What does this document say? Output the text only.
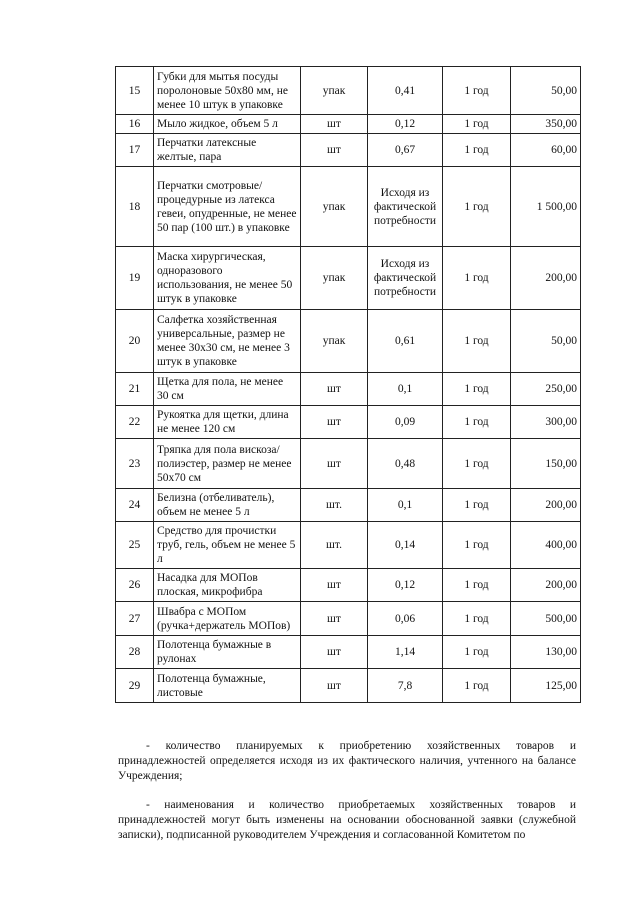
15	Губки для мытья посуды поролоновые 50х80 мм, не менее 10 штук в упаковке	упак	0,41	1 год	50,00
16	Мыло жидкое, объем 5 л	шт	0,12	1 год	350,00
17	Перчатки латексные желтые, пара	шт	0,67	1 год	60,00
18	Перчатки смотровые/процедурные из латекса гевеи, опудренные, не менее 50 пар (100 шт.) в упаковке	упак	Исходя из фактической потребности	1 год	1 500,00
19	Маска хирургическая, одноразового использования, не менее 50 штук в упаковке	упак	Исходя из фактической потребности	1 год	200,00
20	Салфетка хозяйственная универсальные, размер не менее 30х30 см, не менее 3 штук в упаковке	упак	0,61	1 год	50,00
21	Щетка для пола, не менее 30 см	шт	0,1	1 год	250,00
22	Рукоятка для щетки, длина не менее 120 см	шт	0,09	1 год	300,00
23	Тряпка для пола вискоза/полиэстер, размер не менее 50х70 см	шт	0,48	1 год	150,00
24	Белизна (отбеливатель), объем не менее 5 л	шт.	0,1	1 год	200,00
25	Средство для прочистки труб, гель, объем не менее 5 л	шт.	0,14	1 год	400,00
26	Насадка для МОПов плоская, микрофибра	шт	0,12	1 год	200,00
27	Швабра с МОПом (ручка+держатель МОПов)	шт	0,06	1 год	500,00
28	Полотенца бумажные в рулонах	шт	1,14	1 год	130,00
29	Полотенца бумажные, листовые	шт	7,8	1 год	125,00
- количество планируемых к приобретению хозяйственных товаров и принадлежностей определяется исходя из их фактического наличия, учтенного на балансе Учреждения;
- наименования и количество приобретаемых хозяйственных товаров и принадлежностей могут быть изменены на основании обоснованной заявки (служебной записки), подписанной руководителем Учреждения и согласованной Комитетом по
